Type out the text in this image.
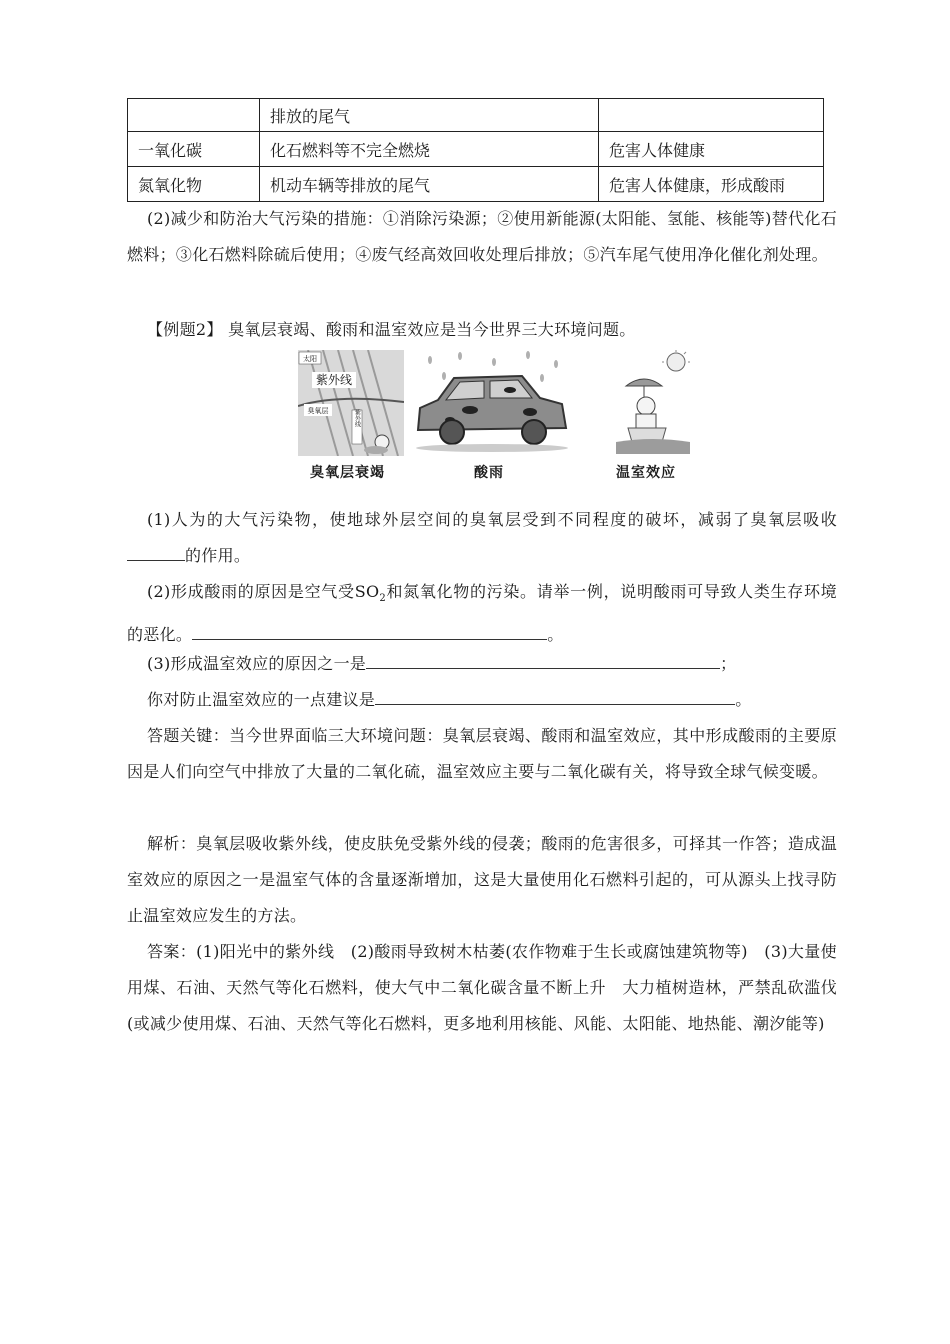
	排放的尾气	
一氧化碳	化石燃料等不完全燃烧	危害人体健康
氮氧化物	机动车辆等排放的尾气	危害人体健康，形成酸雨
(2)减少和防治大气污染的措施：①消除污染源；②使用新能源(太阳能、氢能、核能等)替代化石燃料；③化石燃料除硫后使用；④废气经高效回收处理后排放；⑤汽车尾气使用净化催化剂处理。
【例题2】 臭氧层衰竭、酸雨和温室效应是当今世界三大环境问题。
太阳
紫外线
臭氧层	紫外线
臭氧层衰竭	酸雨	温室效应
(1)人为的大气污染物，使地球外层空间的臭氧层受到不同程度的破坏，减弱了臭氧层吸收的作用。
(2)形成酸雨的原因是空气受$SO_2$和氮氧化物的污染。请举一例，说明酸雨可导致人类生存环境的恶化。	。
(3)形成温室效应的原因之一是	；
你对防止温室效应的一点建议是	。
答题关键：当今世界面临三大环境问题：臭氧层衰竭、酸雨和温室效应，其中形成酸雨的主要原因是人们向空气中排放了大量的二氧化硫，温室效应主要与二氧化碳有关，将导致全球气候变暖。
解析：臭氧层吸收紫外线，使皮肤免受紫外线的侵袭；酸雨的危害很多，可择其一作答；造成温室效应的原因之一是温室气体的含量逐渐增加，这是大量使用化石燃料引起的，可从源头上找寻防止温室效应发生的方法。
答案：(1)阳光中的紫外线　(2)酸雨导致树木枯萎(农作物难于生长或腐蚀建筑物等)　(3)大量使用煤、石油、天然气等化石燃料，使大气中二氧化碳含量不断上升　大力植树造林，严禁乱砍滥伐(或减少使用煤、石油、天然气等化石燃料，更多地利用核能、风能、太阳能、地热能、潮汐能等)
